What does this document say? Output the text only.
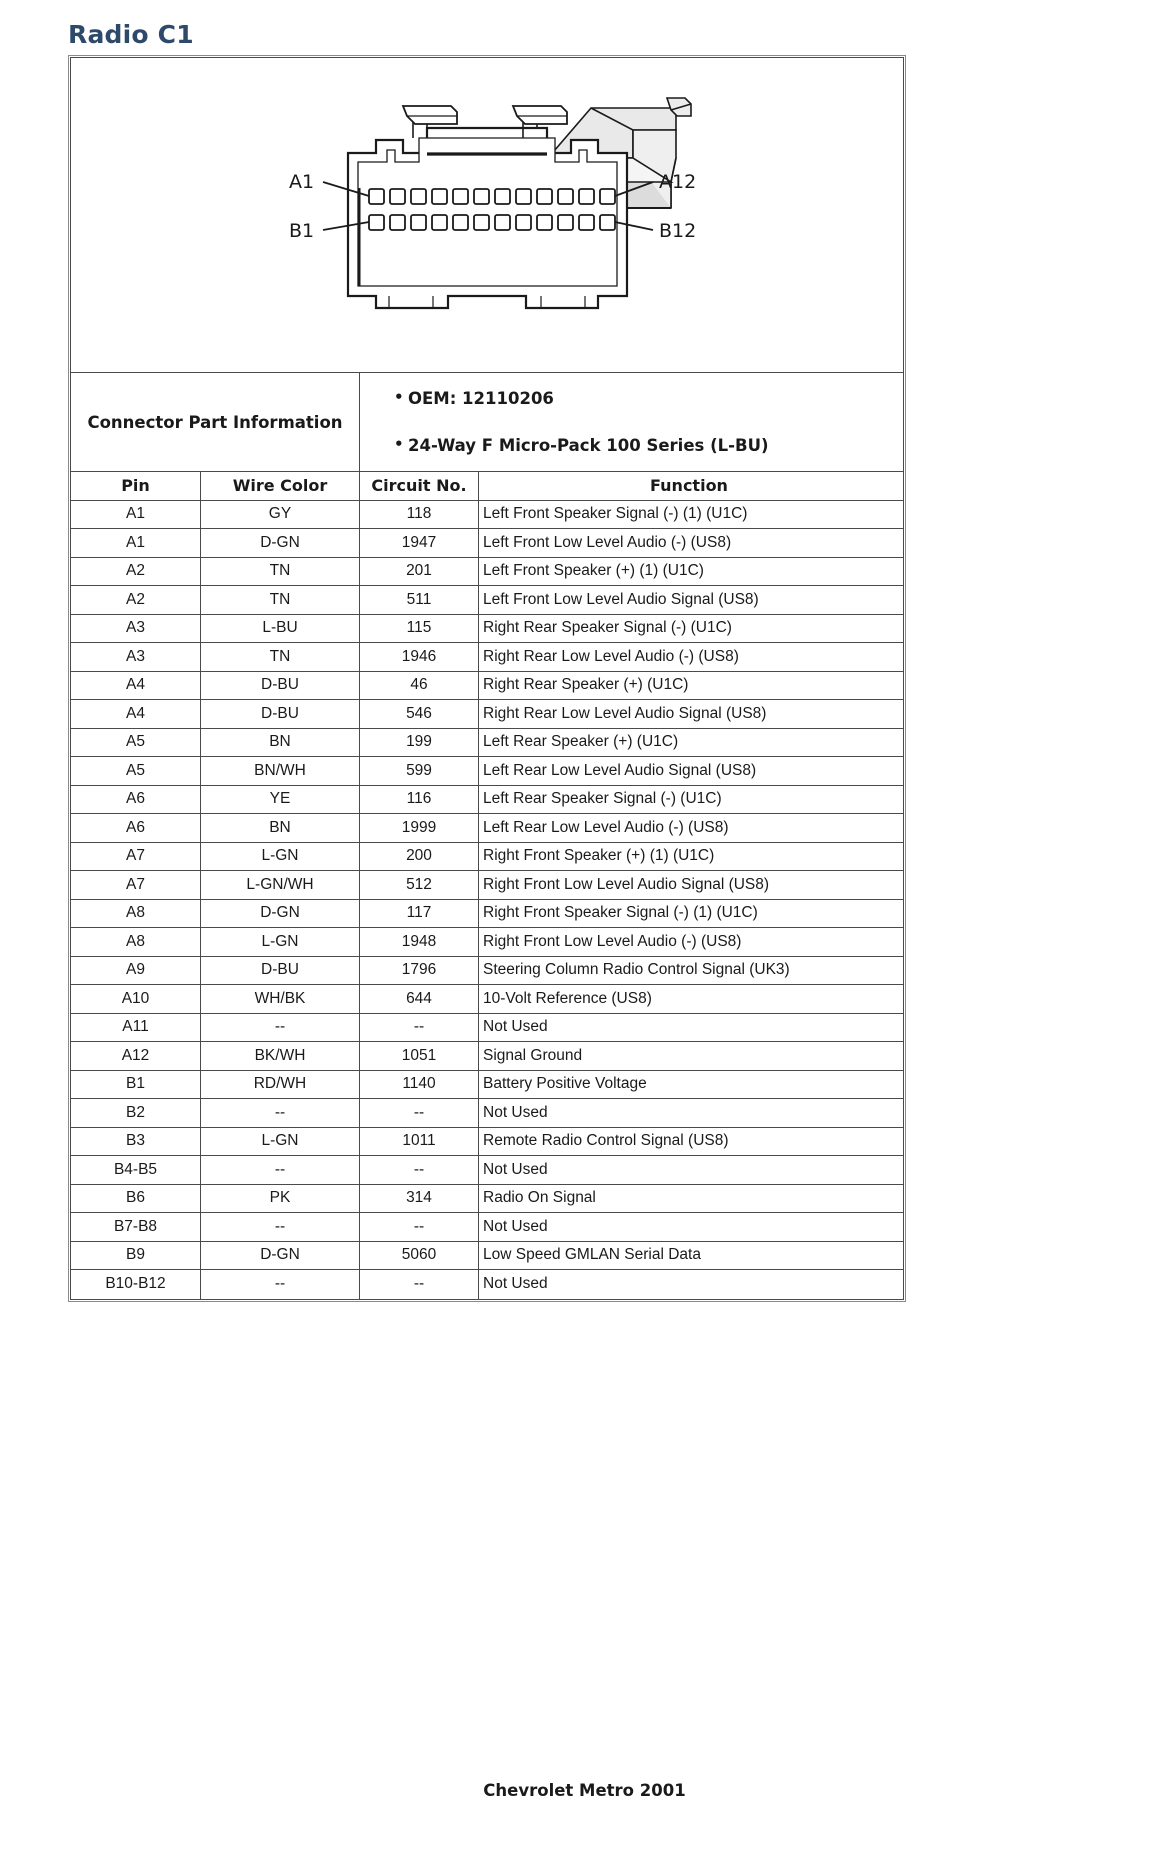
Radio C1
A1
B1
A12
B12
Connector Part Information
• OEM: 12110206
• 24-Way F Micro-Pack 100 Series (L-BU)
Pin	Wire Color	Circuit No.	Function
A1	GY	118	Left Front Speaker Signal (-) (1) (U1C)
A1	D-GN	1947	Left Front Low Level Audio (-) (US8)
A2	TN	201	Left Front Speaker (+) (1) (U1C)
A2	TN	511	Left Front Low Level Audio Signal (US8)
A3	L-BU	115	Right Rear Speaker Signal (-) (U1C)
A3	TN	1946	Right Rear Low Level Audio (-) (US8)
A4	D-BU	46	Right Rear Speaker (+) (U1C)
A4	D-BU	546	Right Rear Low Level Audio Signal (US8)
A5	BN	199	Left Rear Speaker (+) (U1C)
A5	BN/WH	599	Left Rear Low Level Audio Signal (US8)
A6	YE	116	Left Rear Speaker Signal (-) (U1C)
A6	BN	1999	Left Rear Low Level Audio (-) (US8)
A7	L-GN	200	Right Front Speaker (+) (1) (U1C)
A7	L-GN/WH	512	Right Front Low Level Audio Signal (US8)
A8	D-GN	117	Right Front Speaker Signal (-) (1) (U1C)
A8	L-GN	1948	Right Front Low Level Audio (-) (US8)
A9	D-BU	1796	Steering Column Radio Control Signal (UK3)
A10	WH/BK	644	10-Volt Reference (US8)
A11	--	--	Not Used
A12	BK/WH	1051	Signal Ground
B1	RD/WH	1140	Battery Positive Voltage
B2	--	--	Not Used
B3	L-GN	1011	Remote Radio Control Signal (US8)
B4-B5	--	--	Not Used
B6	PK	314	Radio On Signal
B7-B8	--	--	Not Used
B9	D-GN	5060	Low Speed GMLAN Serial Data
B10-B12	--	--	Not Used
Chevrolet Metro 2001
